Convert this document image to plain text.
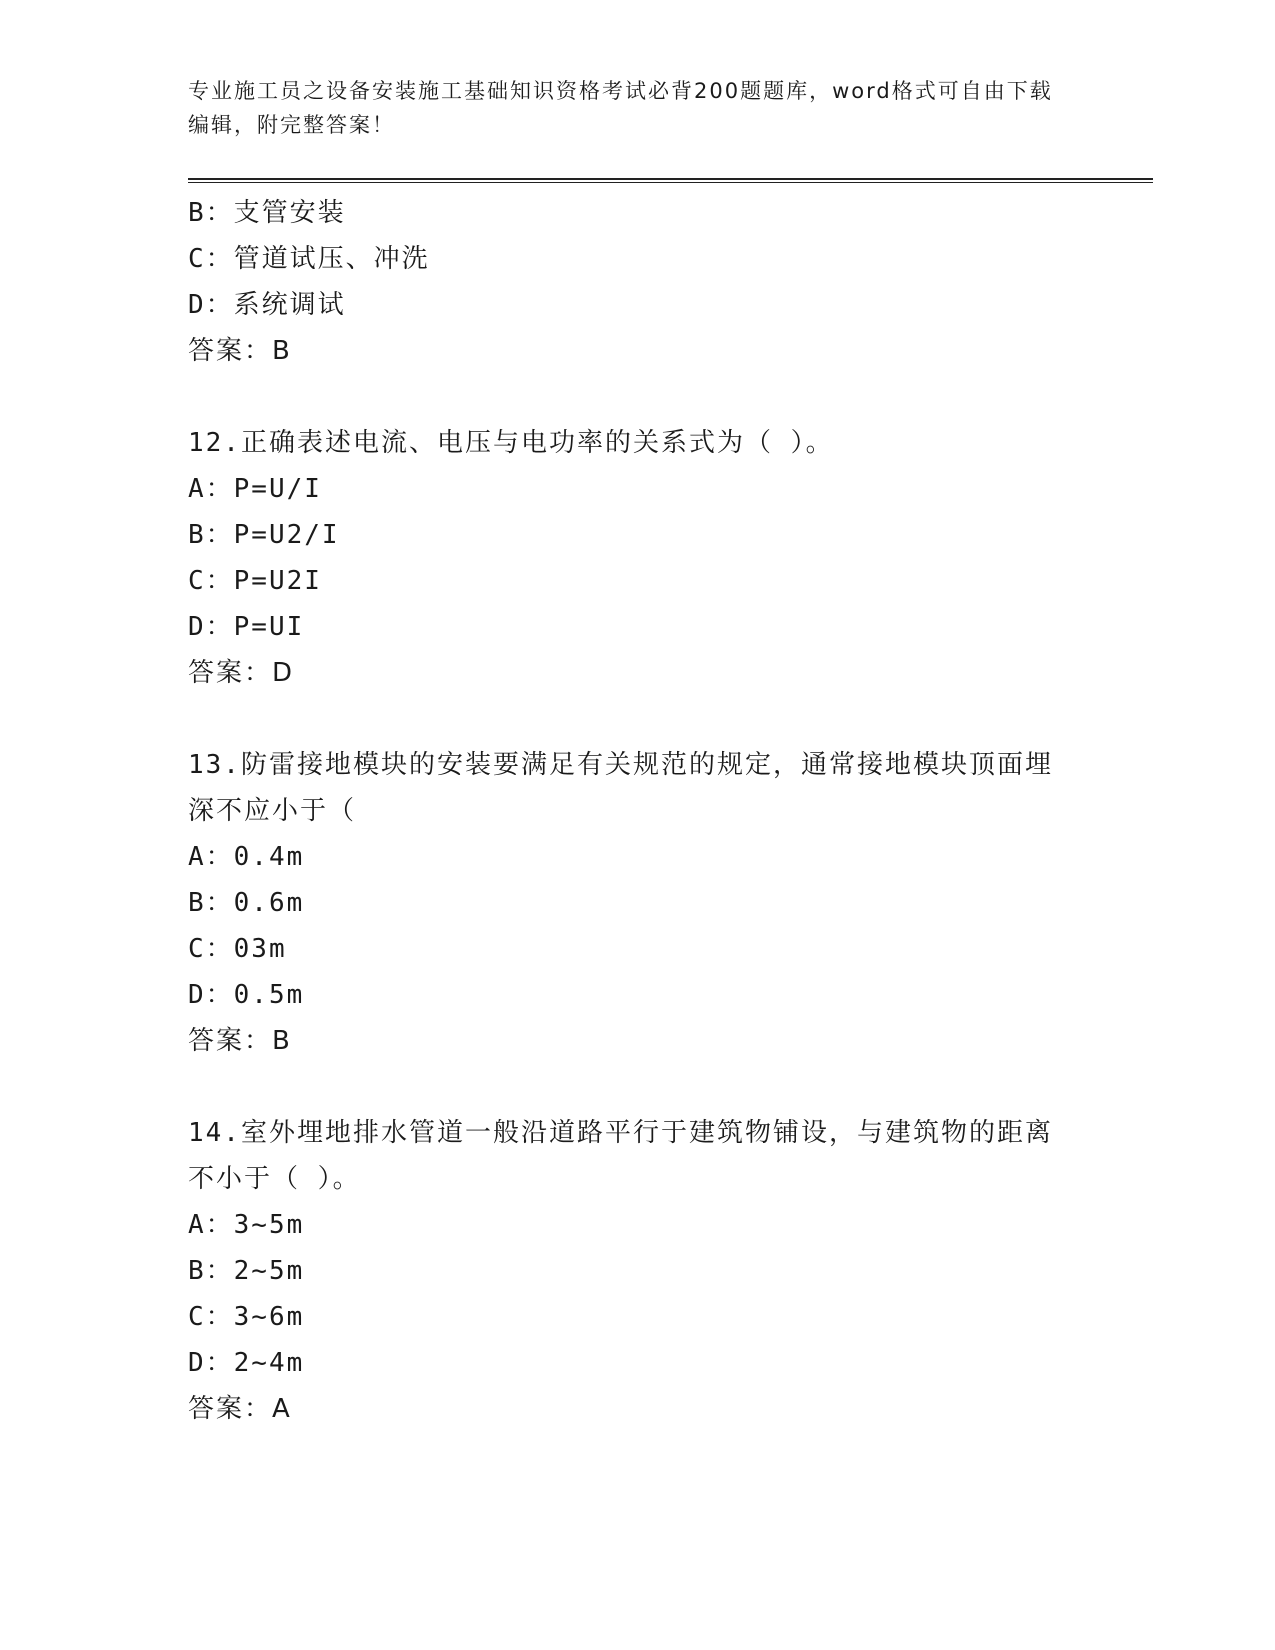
专业施工员之设备安装施工基础知识资格考试必背200题题库，word格式可自由下载编辑，附完整答案！
B：支管安装
C：管道试压、冲洗
D：系统调试
答案：B
12.正确表述电流、电压与电功率的关系式为（ ）。
A：P=U/I
B：P=U2/I
C：P=U2I
D：P=UI
答案：D
13.防雷接地模块的安装要满足有关规范的规定，通常接地模块顶面埋深不应小于（
A：0.4m
B：0.6m
C：03m
D：0.5m
答案：B
14.室外埋地排水管道一般沿道路平行于建筑物铺设，与建筑物的距离不小于（ ）。
A：3~5m
B：2~5m
C：3~6m
D：2~4m
答案：A
